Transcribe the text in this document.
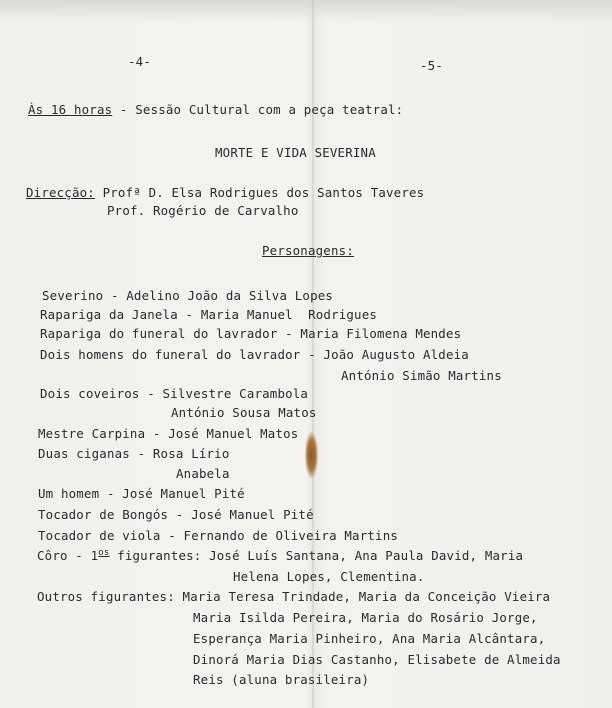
-4-	-5-
Às 16 horas - Sessão Cultural com a peça teatral:
MORTE E VIDA SEVERINA
Direcção: Profª D. Elsa Rodrigues dos Santos Taveres
Prof. Rogério de Carvalho
Personagens:
Severino - Adelino João da Silva Lopes
Rapariga da Janela - Maria Manuel  Rodrigues
Rapariga do funeral do lavrador - Maria Filomena Mendes
Dois homens do funeral do lavrador - João Augusto Aldeia
António Simão Martins
Dois coveiros - Silvestre Carambola
António Sousa Matos
Mestre Carpina - José Manuel Matos
Duas ciganas - Rosa Lírio
Anabela
Um homem - José Manuel Pité
Tocador de Bongós - José Manuel Pité
Tocador de viola - Fernando de Oliveira Martins
Côro - $1^{os}$ figurantes: José Luís Santana, Ana Paula David, Maria
Helena Lopes, Clementina.
Outros figurantes: Maria Teresa Trindade, Maria da Conceição Vieira
Maria Isilda Pereira, Maria do Rosário Jorge,
Esperança Maria Pinheiro, Ana Maria Alcântara,
Dinorá Maria Dias Castanho, Elisabete de Almeida
Reis (aluna brasileira)
